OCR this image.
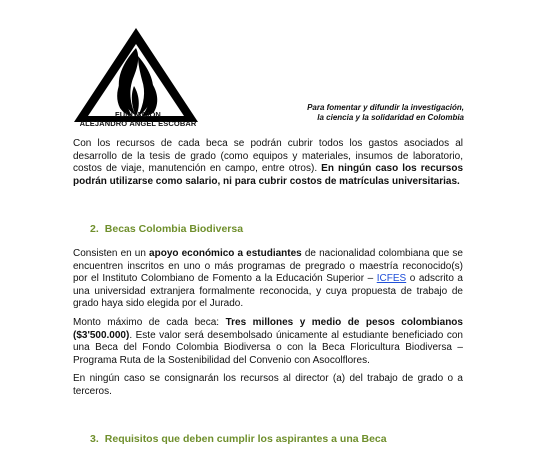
FUNDACIÓN
ALEJANDRO ÁNGEL ESCOBAR
Para fomentar y difundir la investigación,
la ciencia y la solidaridad en Colombia

Con los recursos de cada beca se podrán cubrir todos los gastos asociados al desarrollo de la tesis de grado (como equipos y materiales, insumos de laboratorio, costos de viaje, manutención en campo, entre otros). En ningún caso los recursos podrán utilizarse como salario, ni para cubrir costos de matrículas universitarias.

2. Becas Colombia Biodiversa

Consisten en un apoyo económico a estudiantes de nacionalidad colombiana que se encuentren inscritos en uno o más programas de pregrado o maestría reconocido(s) por el Instituto Colombiano de Fomento a la Educación Superior – ICFES o adscrito a una universidad extranjera formalmente reconocida, y cuya propuesta de trabajo de grado haya sido elegida por el Jurado.

Monto máximo de cada beca: Tres millones y medio de pesos colombianos ($3'500.000). Este valor será desembolsado únicamente al estudiante beneficiado con una Beca del Fondo Colombia Biodiversa o con la Beca Floricultura Biodiversa – Programa Ruta de la Sostenibilidad del Convenio con Asocolflores.

En ningún caso se consignarán los recursos al director (a) del trabajo de grado o a terceros.

3. Requisitos que deben cumplir los aspirantes a una Beca
